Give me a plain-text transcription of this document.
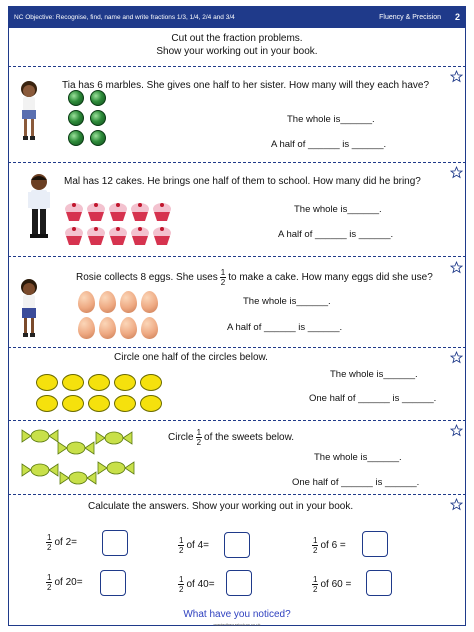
NC Objective: Recognise, find, name and write fractions 1/3, 1/4, 2/4 and 3/4	Fluency & Precision 2
Cut out the fraction problems.
Show your working out in your book.
Tia has 6 marbles. She gives one half to her sister. How many will they each have?
The whole is______.
A half of ______ is ______.
Mal has 12 cakes. He brings one half of them to school. How many did he bring?
The whole is______.
A half of ______ is ______.
Rosie collects 8 eggs. She uses $\frac{1}{2}$ to make a cake. How many eggs did she use?
The whole is______.
A half of ______ is ______.
Circle one half of the circles below.
The whole is______.
One half of ______ is ______.
Circle $\frac{1}{2}$ of the sweets below.
The whole is______.
One half of ______ is ______.
Calculate the answers. Show your working out in your book.
$\frac{1}{2}$ of 2=	$\frac{1}{2}$ of 4=	$\frac{1}{2}$ of 6 =
$\frac{1}{2}$ of 20=	$\frac{1}{2}$ of 40=	$\frac{1}{2}$ of 60 =
What have you noticed?
masterthecurriculum.co.uk
